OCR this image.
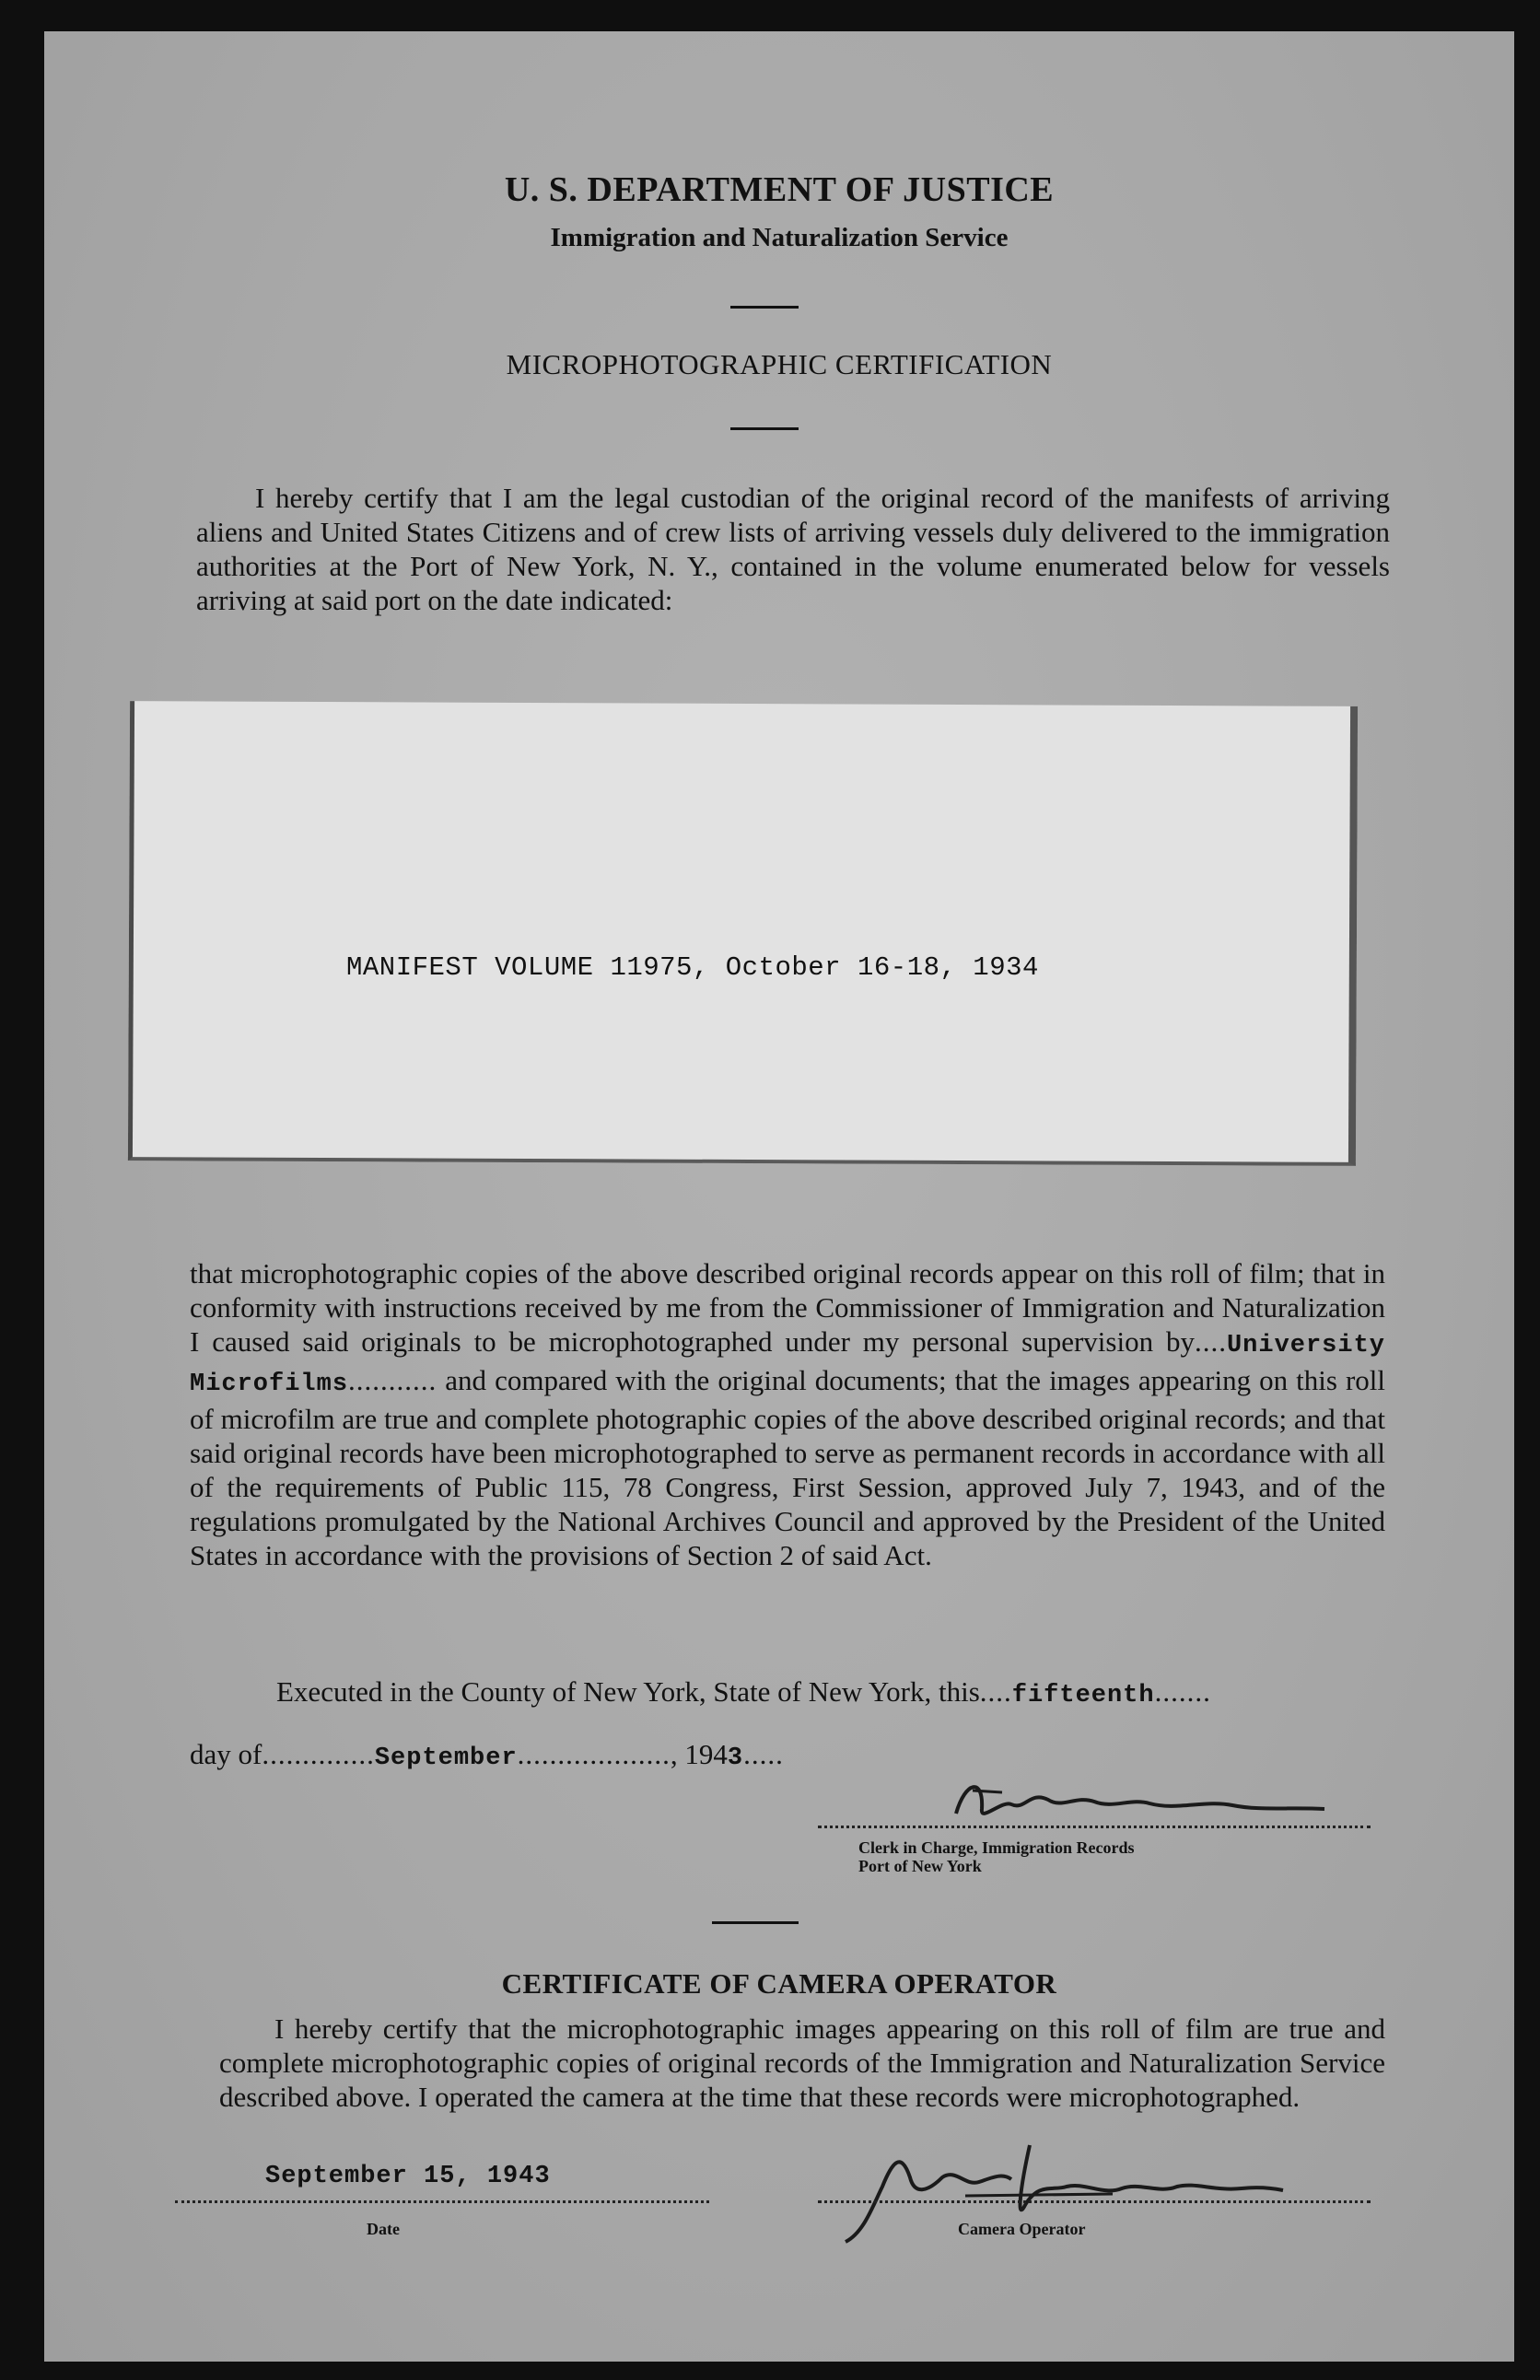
U. S. DEPARTMENT OF JUSTICE
Immigration and Naturalization Service
MICROPHOTOGRAPHIC CERTIFICATION
I hereby certify that I am the legal custodian of the original record of the manifests of arriving aliens and United States Citizens and of crew lists of arriving vessels duly delivered to the immigration authorities at the Port of New York, N. Y., contained in the volume enumerated below for vessels arriving at said port on the date indicated:
MANIFEST VOLUME 11975, October 16-18, 1934
that microphotographic copies of the above described original records appear on this roll of film; that in conformity with instructions received by me from the Commissioner of Immigration and Naturalization I caused said originals to be microphotographed under my personal supervision by....University Microfilms........... and compared with the original documents; that the images appearing on this roll of microfilm are true and complete photographic copies of the above described original records; and that said original records have been microphotographed to serve as permanent records in accordance with all of the requirements of Public 115, 78 Congress, First Session, approved July 7, 1943, and of the regulations promulgated by the National Archives Council and approved by the President of the United States in accordance with the provisions of Section 2 of said Act.
Executed in the County of New York, State of New York, this....fifteenth.......
day of..............September..................., 1943.....
Clerk in Charge, Immigration Records
Port of New York
CERTIFICATE OF CAMERA OPERATOR
I hereby certify that the microphotographic images appearing on this roll of film are true and complete microphotographic copies of original records of the Immigration and Naturalization Service described above. I operated the camera at the time that these records were microphotographed.
September 15, 1943
Date	Camera Operator
